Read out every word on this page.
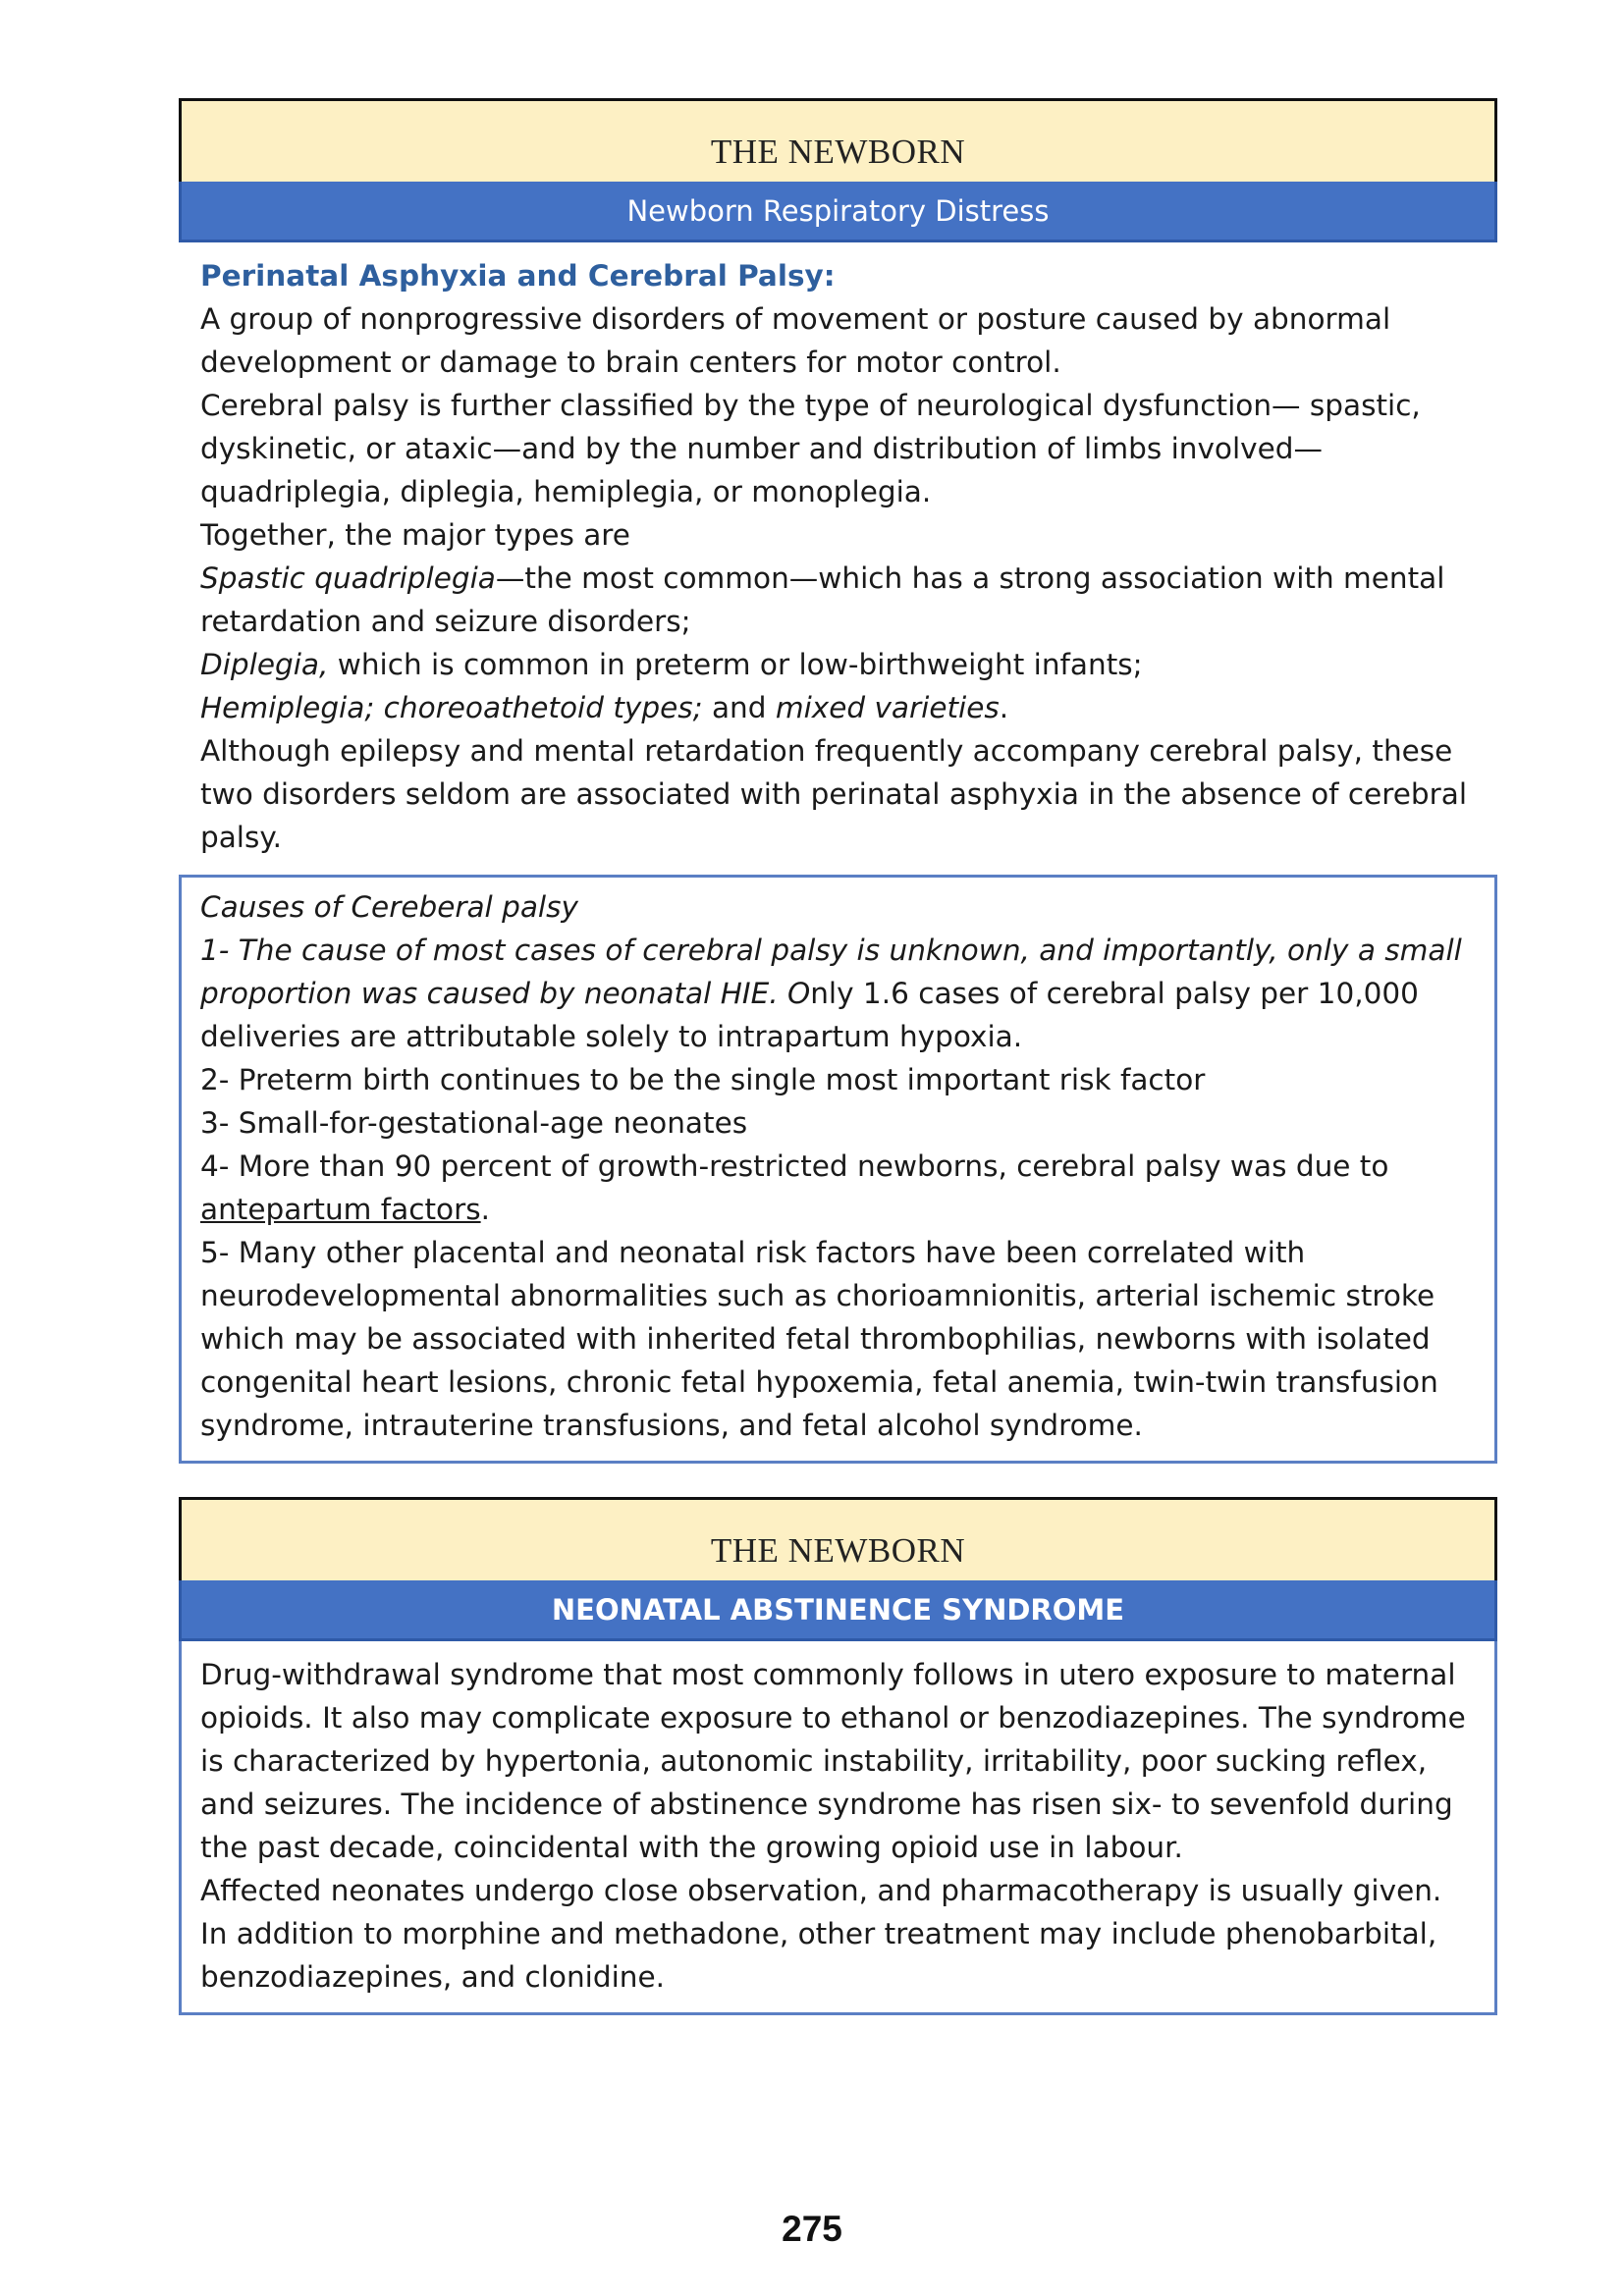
THE NEWBORN
Newborn Respiratory Distress

Perinatal Asphyxia and Cerebral Palsy:

A group of nonprogressive disorders of movement or posture caused by abnormal development or damage to brain centers for motor control.

Cerebral palsy is further classified by the type of neurological dysfunction— spastic, dyskinetic, or ataxic—and by the number and distribution of limbs involved—quadriplegia, diplegia, hemiplegia, or monoplegia.

Together, the major types are

Spastic quadriplegia—the most common—which has a strong association with mental retardation and seizure disorders;

Diplegia, which is common in preterm or low-birthweight infants;

Hemiplegia; choreoathetoid types; and mixed varieties.

Although epilepsy and mental retardation frequently accompany cerebral palsy, these two disorders seldom are associated with perinatal asphyxia in the absence of cerebral palsy.

Causes of Cereberal palsy

1- The cause of most cases of cerebral palsy is unknown, and importantly, only a small proportion was caused by neonatal HIE. Only 1.6 cases of cerebral palsy per 10,000 deliveries are attributable solely to intrapartum hypoxia.

2- Preterm birth continues to be the single most important risk factor

3- Small-for-gestational-age neonates

4- More than 90 percent of growth-restricted newborns, cerebral palsy was due to antepartum factors.

5- Many other placental and neonatal risk factors have been correlated with neurodevelopmental abnormalities such as chorioamnionitis, arterial ischemic stroke which may be associated with inherited fetal thrombophilias, newborns with isolated congenital heart lesions, chronic fetal hypoxemia, fetal anemia, twin-twin transfusion syndrome, intrauterine transfusions, and fetal alcohol syndrome.

THE NEWBORN
NEONATAL ABSTINENCE SYNDROME

Drug-withdrawal syndrome that most commonly follows in utero exposure to maternal opioids. It also may complicate exposure to ethanol or benzodiazepines. The syndrome is characterized by hypertonia, autonomic instability, irritability, poor sucking reflex, and seizures. The incidence of abstinence syndrome has risen six- to sevenfold during the past decade, coincidental with the growing opioid use in labour.

Affected neonates undergo close observation, and pharmacotherapy is usually given. In addition to morphine and methadone, other treatment may include phenobarbital, benzodiazepines, and clonidine.

275
